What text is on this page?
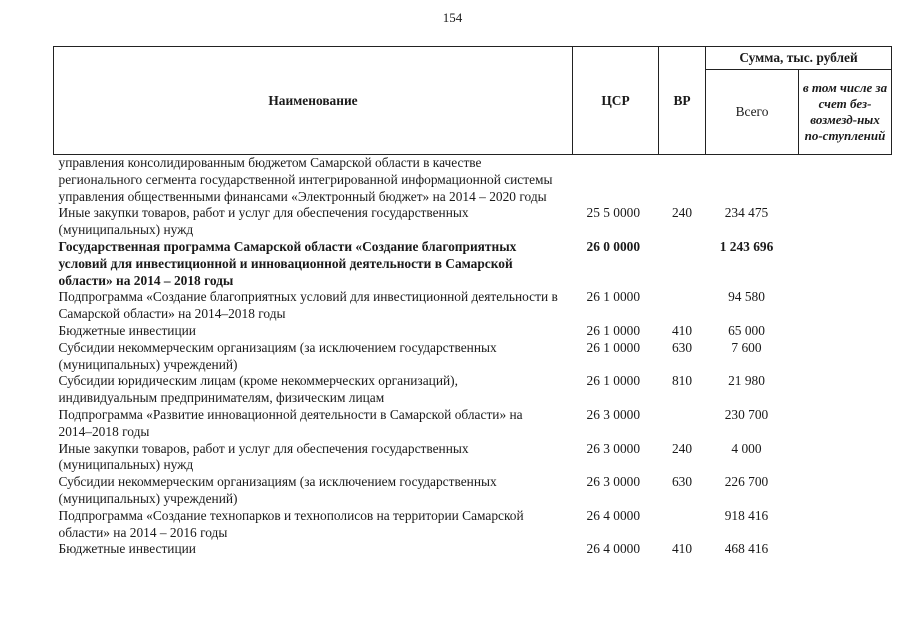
154
Наименование	ЦСР	ВР	Сумма, тыс. рублей	
			Всего	в том числе за счет без-возмезд-ных по-ступлений
управления консолидированным бюджетом Самарской области в качестве регионального сегмента государственной интегрированной информационной системы управления общественными финансами «Электронный бюджет» на 2014 – 2020 годы				
Иные закупки товаров, работ и услуг для обеспечения государственных (муниципальных) нужд	25 5 0000	240	234 475	
Государственная программа Самарской области «Создание благоприятных условий для инвестиционной и инновационной деятельности в Самарской области» на 2014 – 2018 годы	26 0 0000		1 243 696	
Подпрограмма «Создание благоприятных условий для инвестиционной деятельности в Самарской области» на 2014–2018 годы	26 1 0000		94 580	
Бюджетные инвестиции	26 1 0000	410	65 000	
Субсидии некоммерческим организациям (за исключением государственных (муниципальных) учреждений)	26 1 0000	630	7 600	
Субсидии юридическим лицам (кроме некоммерческих организаций), индивидуальным предпринимателям, физическим лицам	26 1 0000	810	21 980	
Подпрограмма «Развитие инновационной деятельности в Самарской области» на 2014–2018 годы	26 3 0000		230 700	
Иные закупки товаров, работ и услуг для обеспечения государственных (муниципальных) нужд	26 3 0000	240	4 000	
Субсидии некоммерческим организациям (за исключением государственных (муниципальных) учреждений)	26 3 0000	630	226 700	
Подпрограмма «Создание технопарков и технополисов на территории Самарской области» на 2014 – 2016 годы	26 4 0000		918 416	
Бюджетные инвестиции	26 4 0000	410	468 416	
